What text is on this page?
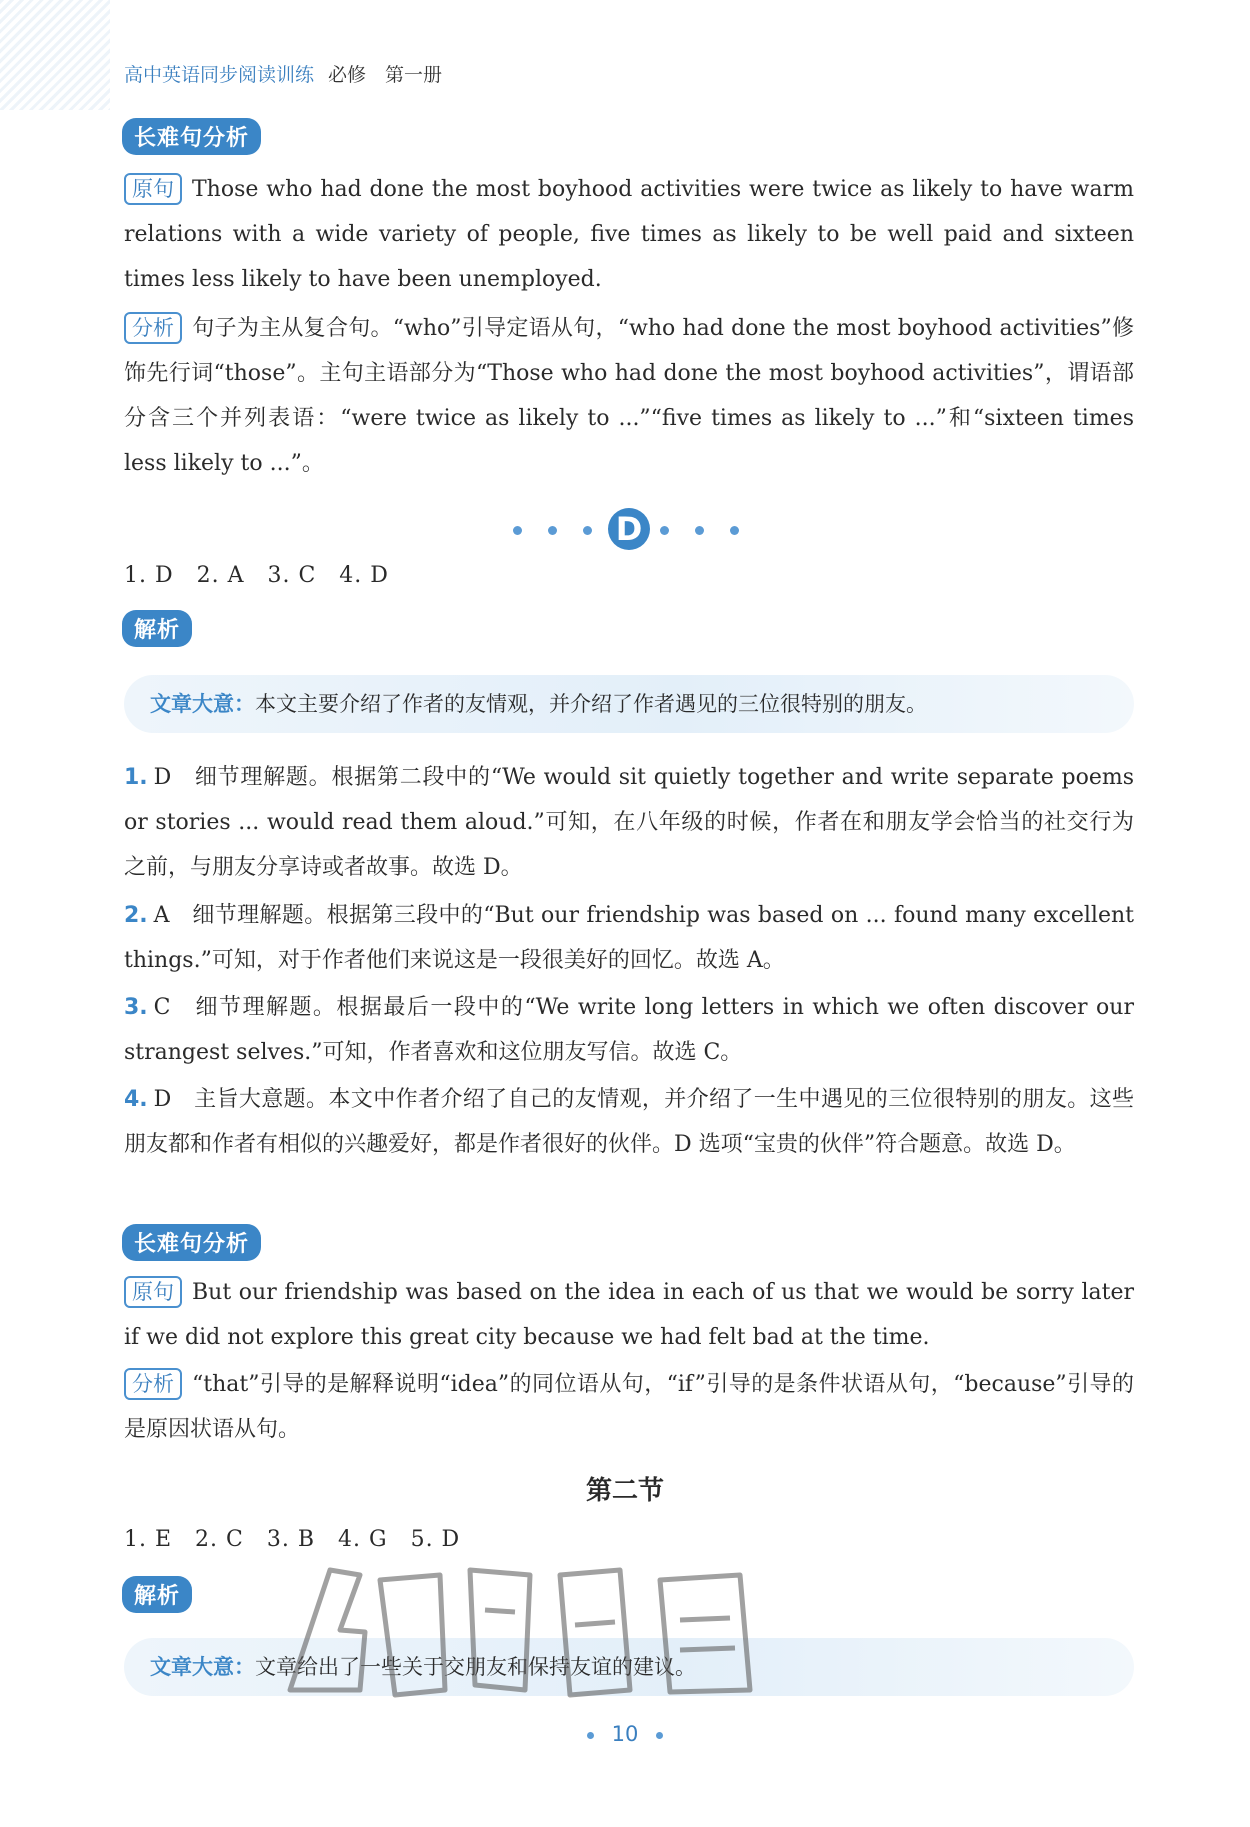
高中英语同步阅读训练 必修　第一册
长难句分析
原句 Those who had done the most boyhood activities were twice as likely to have warm relations with a wide variety of people, five times as likely to be well paid and sixteen times less likely to have been unemployed.
分析 句子为主从复合句。“who”引导定语从句，“who had done the most boyhood activities”修饰先行词“those”。主句主语部分为“Those who had done the most boyhood activities”，谓语部分含三个并列表语：“were twice as likely to ...”“five times as likely to ...”和“sixteen times less likely to ...”。
D
1. D　2. A　3. C　4. D
解析
文章大意：本文主要介绍了作者的友情观，并介绍了作者遇见的三位很特别的朋友。
1. D　细节理解题。根据第二段中的“We would sit quietly together and write separate poems or stories ... would read them aloud.”可知，在八年级的时候，作者在和朋友学会恰当的社交行为之前，与朋友分享诗或者故事。故选 D。
2. A　细节理解题。根据第三段中的“But our friendship was based on ... found many excellent things.”可知，对于作者他们来说这是一段很美好的回忆。故选 A。
3. C　细节理解题。根据最后一段中的“We write long letters in which we often discover our strangest selves.”可知，作者喜欢和这位朋友写信。故选 C。
4. D　主旨大意题。本文中作者介绍了自己的友情观，并介绍了一生中遇见的三位很特别的朋友。这些朋友都和作者有相似的兴趣爱好，都是作者很好的伙伴。D 选项“宝贵的伙伴”符合题意。故选 D。
长难句分析
原句 But our friendship was based on the idea in each of us that we would be sorry later if we did not explore this great city because we had felt bad at the time.
分析 “that”引导的是解释说明“idea”的同位语从句，“if”引导的是条件状语从句，“because”引导的是原因状语从句。
第二节
1. E　2. C　3. B　4. G　5. D
解析
文章大意：文章给出了一些关于交朋友和保持友谊的建议。
10
